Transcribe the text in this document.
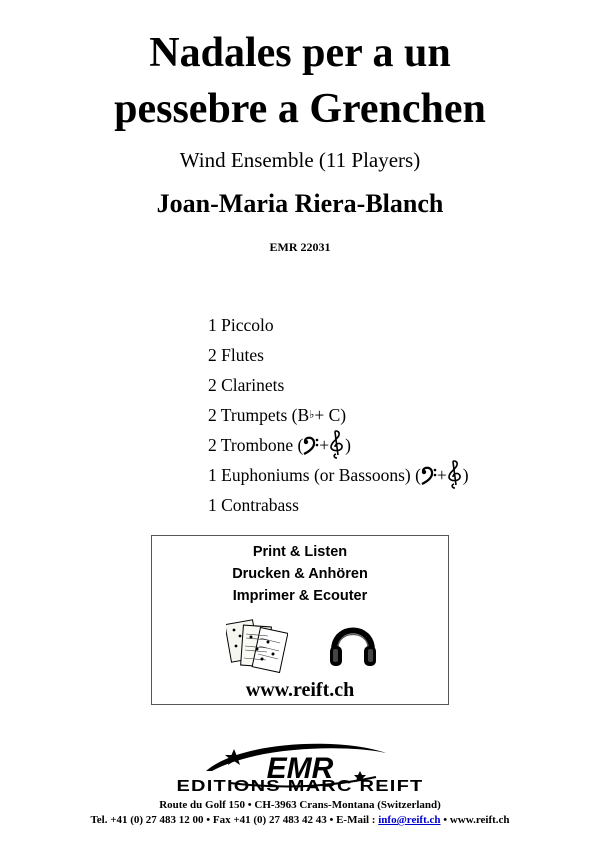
Nadales per a un
pessebre a Grenchen
Wind Ensemble (11 Players)
Joan-Maria Riera-Blanch
EMR 22031
1 Piccolo
2 Flutes
2 Clarinets
2 Trumpets (B ♭ + C)
2 Trombone ( + )
1 Euphoniums (or Bassoons) ( + )
1 Contrabass
Print & Listen
Drucken & Anhören
Imprimer & Ecouter
www.reift.ch
EMR
EDITIONS MARC REIFT
Route du Golf 150 • CH-3963 Crans-Montana (Switzerland)
Tel. +41 (0) 27 483 12 00 • Fax +41 (0) 27 483 42 43 • E-Mail : info@reift.ch • www.reift.ch
